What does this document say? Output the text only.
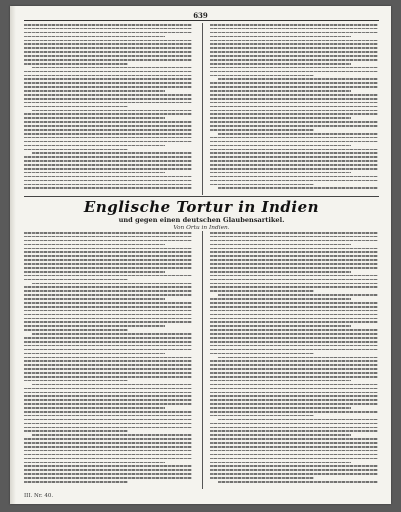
639
Englische Tortur in Indien
und gegen einen deutschen Glaubensartikel.
Von Ortu in Indien.
III. Nr. 40.
